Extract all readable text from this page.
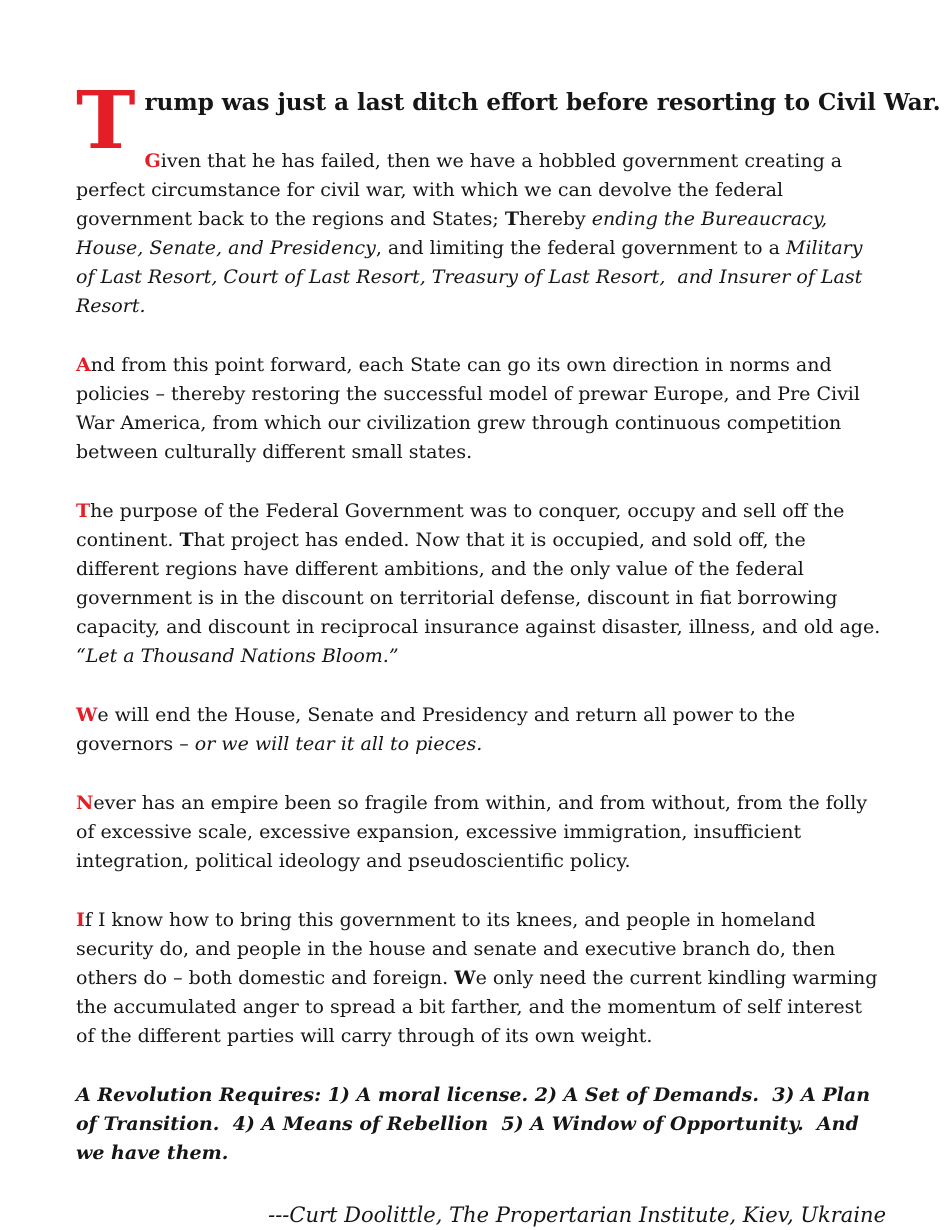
T rump was just a last ditch effort before resorting to Civil War.

Given that he has failed, then we have a hobbled government creating a perfect circumstance for civil war, with which we can devolve the federal government back to the regions and States; Thereby ending the Bureaucracy, House, Senate, and Presidency, and limiting the federal government to a Military of Last Resort, Court of Last Resort, Treasury of Last Resort,  and Insurer of Last Resort.

And from this point forward, each State can go its own direction in norms and policies – thereby restoring the successful model of prewar Europe, and Pre Civil War America, from which our civilization grew through continuous competition between culturally different small states.

The purpose of the Federal Government was to conquer, occupy and sell off the continent. That project has ended. Now that it is occupied, and sold off, the different regions have different ambitions, and the only value of the federal government is in the discount on territorial defense, discount in fiat borrowing capacity, and discount in reciprocal insurance against disaster, illness, and old age. “Let a Thousand Nations Bloom.”

We will end the House, Senate and Presidency and return all power to the governors – or we will tear it all to pieces.

Never has an empire been so fragile from within, and from without, from the folly of excessive scale, excessive expansion, excessive immigration, insufficient integration, political ideology and pseudoscientific policy.

If I know how to bring this government to its knees, and people in homeland security do, and people in the house and senate and executive branch do, then others do – both domestic and foreign. We only need the current kindling warming the accumulated anger to spread a bit farther, and the momentum of self interest of the different parties will carry through of its own weight.

A Revolution Requires: 1) A moral license. 2) A Set of Demands.  3) A Plan of Transition.  4) A Means of Rebellion  5) A Window of Opportunity.  And we have them.

---Curt Doolittle, The Propertarian Institute, Kiev, Ukraine
